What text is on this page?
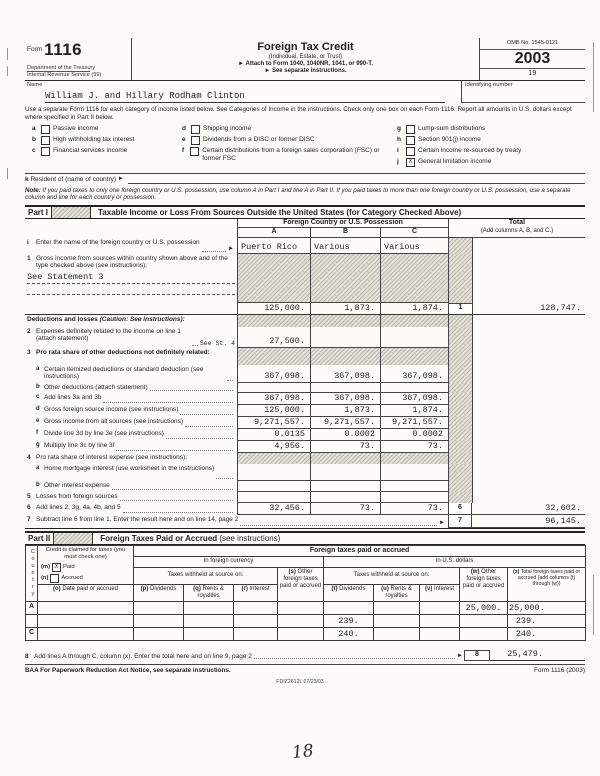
Form 1116
Department of the Treasury
Internal Revenue Service (99)
Foreign Tax Credit
(Individual, Estate, or Trust)
► Attach to Form 1040, 1040NR, 1041, or 990-T.
► See separate instructions.
OMB No. 1545-0121
2003
19
Name
William J. and Hillary Rodham Clinton
Identifying number
Use a separate Form 1116 for each category of income listed below. See Categories of Income in the instructions. Check only one box on each Form 1116. Report all amounts in U.S. dollars except where specified in Part II below.
a	Passive income
b	High withholding tax interest
c	Financial services income
d	Shipping income
e	Dividends from a DISC or former DISC
f	Certain distributions from a foreign sales corporation (FSC) or former FSC
g	Lump-sum distributions
h	Section 901(j) income
i	Certain income re-sourced by treaty
j	X General limitation income
k
Resident of (name of country)
►
Note: If you paid taxes to only one foreign country or U.S. possession, use column A in Part I and line A in Part II. If you paid taxes to more than one foreign country or U.S. possession, use a separate column and line for each country or possession.
Part I	Taxable Income or Loss From Sources Outside the United States (for Category Checked Above)
Foreign Country or U.S. Possession	Total
A	B	C	(Add columns A, B, and C.)
i	Enter the name of the foreign country or U.S. possession
► Puerto Rico	Various	Various
1 Gross income from sources within country shown above and of the type checked above (see instructions):
See Statement 3
125,000.	1,873.	1,874.	1	128,747.
Deductions and losses (Caution: See instructions):
2 Expenses definitely related to the income on line 1 (attach statement)
See St. 4	27,500.
3 Pro rata share of other deductions not definitely related:
a Certain itemized deductions or standard deduction (see instructions)	367,098.	367,098.	367,098.
b Other deductions (attach statement)
c Add lines 3a and 3b	367,098.	367,098.	367,098.
d Gross foreign source income (see instructions)	125,000.	1,873.	1,874.
e Gross income from all sources (see instructions)	9,271,557.	9,271,557.	9,271,557.
f Divide line 3d by line 3e (see instructions)	0.0135	0.0002	0.0002
g Multiply line 3c by line 3f	4,956.	73.	73.
4 Pro rata share of interest expense (see instructions):
a Home mortgage interest (use worksheet in the instructions)
b Other interest expense
5 Losses from foreign sources
6 Add lines 2, 3g, 4a, 4b, and 5	32,456.	73.	73.	6	32,602.
7 Subtract line 6 from line 1. Enter the result here and on line 14, page 2	►	7	96,145.
Part II	Foreign Taxes Paid or Accrued (see instructions)
Country	Credit is claimed for taxes (you must check one)
(m) X Paid
(n) Accrued
	Foreign taxes paid or accrued
		In foreign currency				In U.S. dollars				
		Taxes withheld at source on:			(s) Other foreign taxes paid or accrued	Taxes withheld at source on:			(w) Other foreign taxes paid or accrued	(x) Total foreign taxes paid or accrued (add columns (t) through (w))
	(o) Date paid or accrued	(p) Dividends	(q) Rents & royalties	(r) Interest		(t) Dividends	(u) Rents & royalties	(v) Interest		
A									25,000.	25,000.
						239.				239.
C						240.				240.
8 Add lines A through C, column (x). Enter the total here and on line 9, page 2	►	8	25,479.
BAA For Paperwork Reduction Act Notice, see separate instructions.	Form 1116 (2003)
FDIZ2612L 07/23/03
18
